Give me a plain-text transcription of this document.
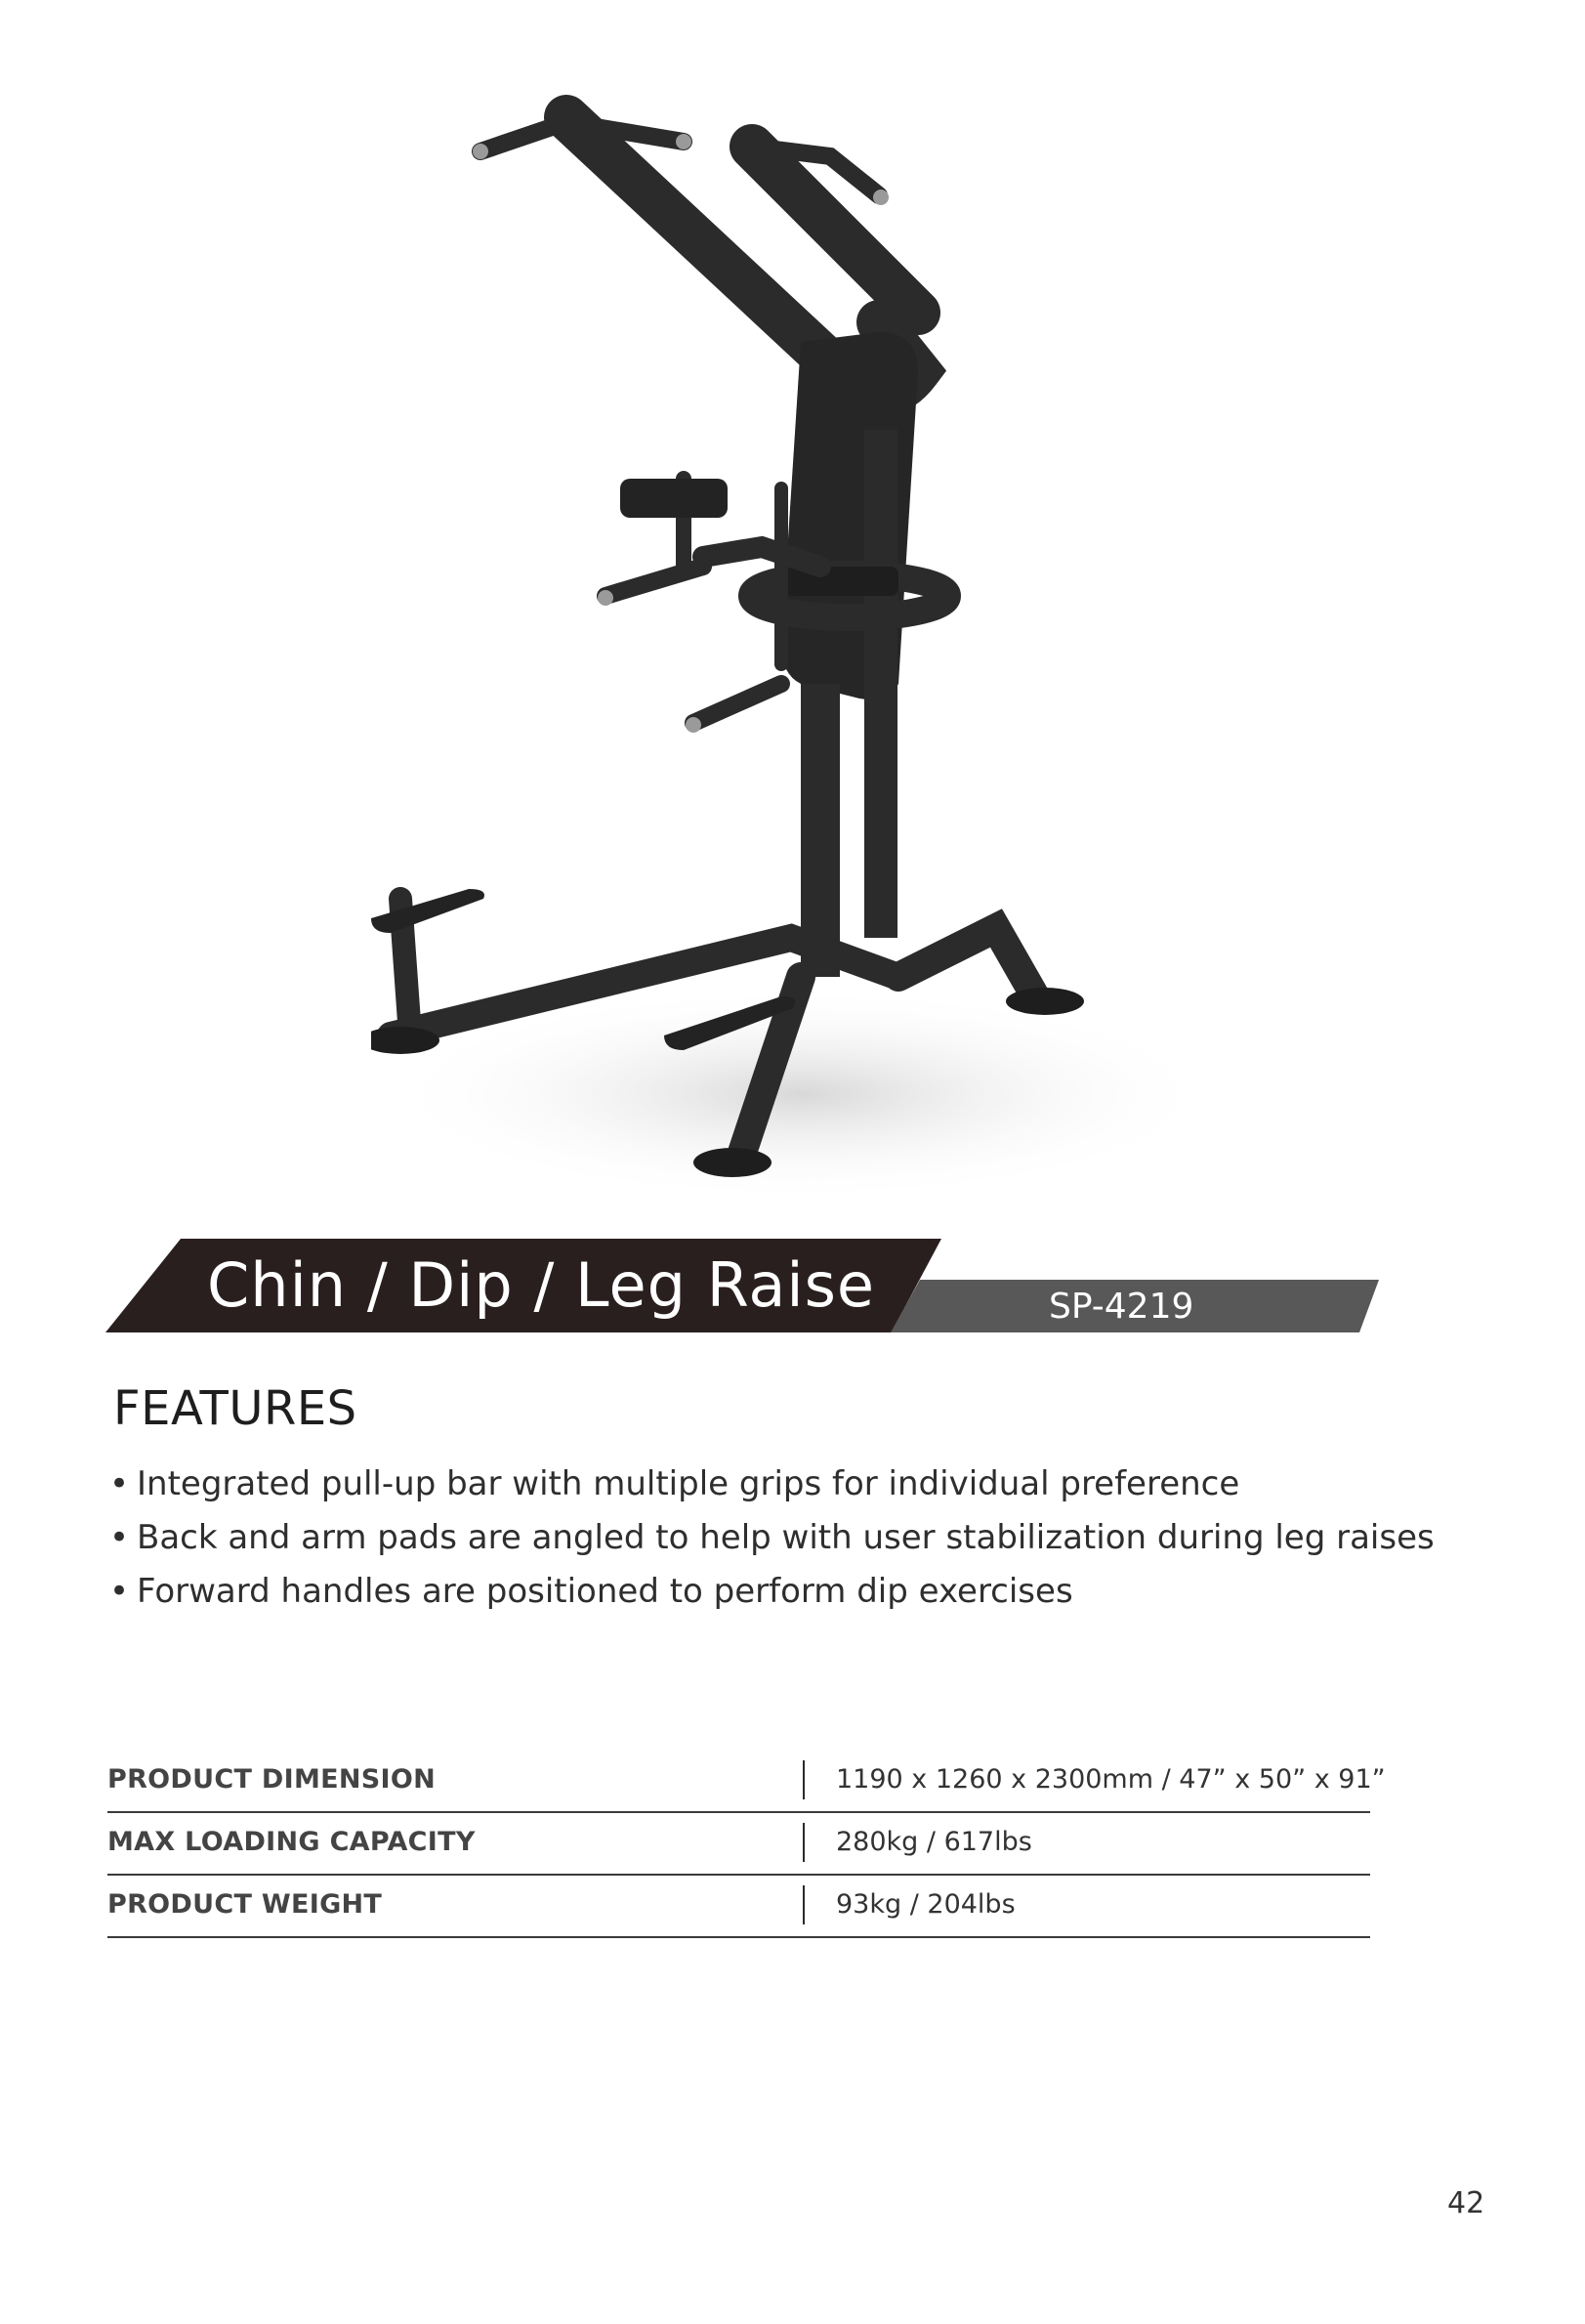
Chin / Dip / Leg Raise	SP-4219
FEATURES
• Integrated pull-up bar with multiple grips for individual preference
• Back and arm pads are angled to help with user stabilization during leg raises
• Forward handles are positioned to perform dip exercises
PRODUCT DIMENSION	1190 x 1260 x 2300mm / 47” x 50” x 91”
MAX LOADING CAPACITY	280kg / 617lbs
PRODUCT WEIGHT	93kg / 204lbs
42
